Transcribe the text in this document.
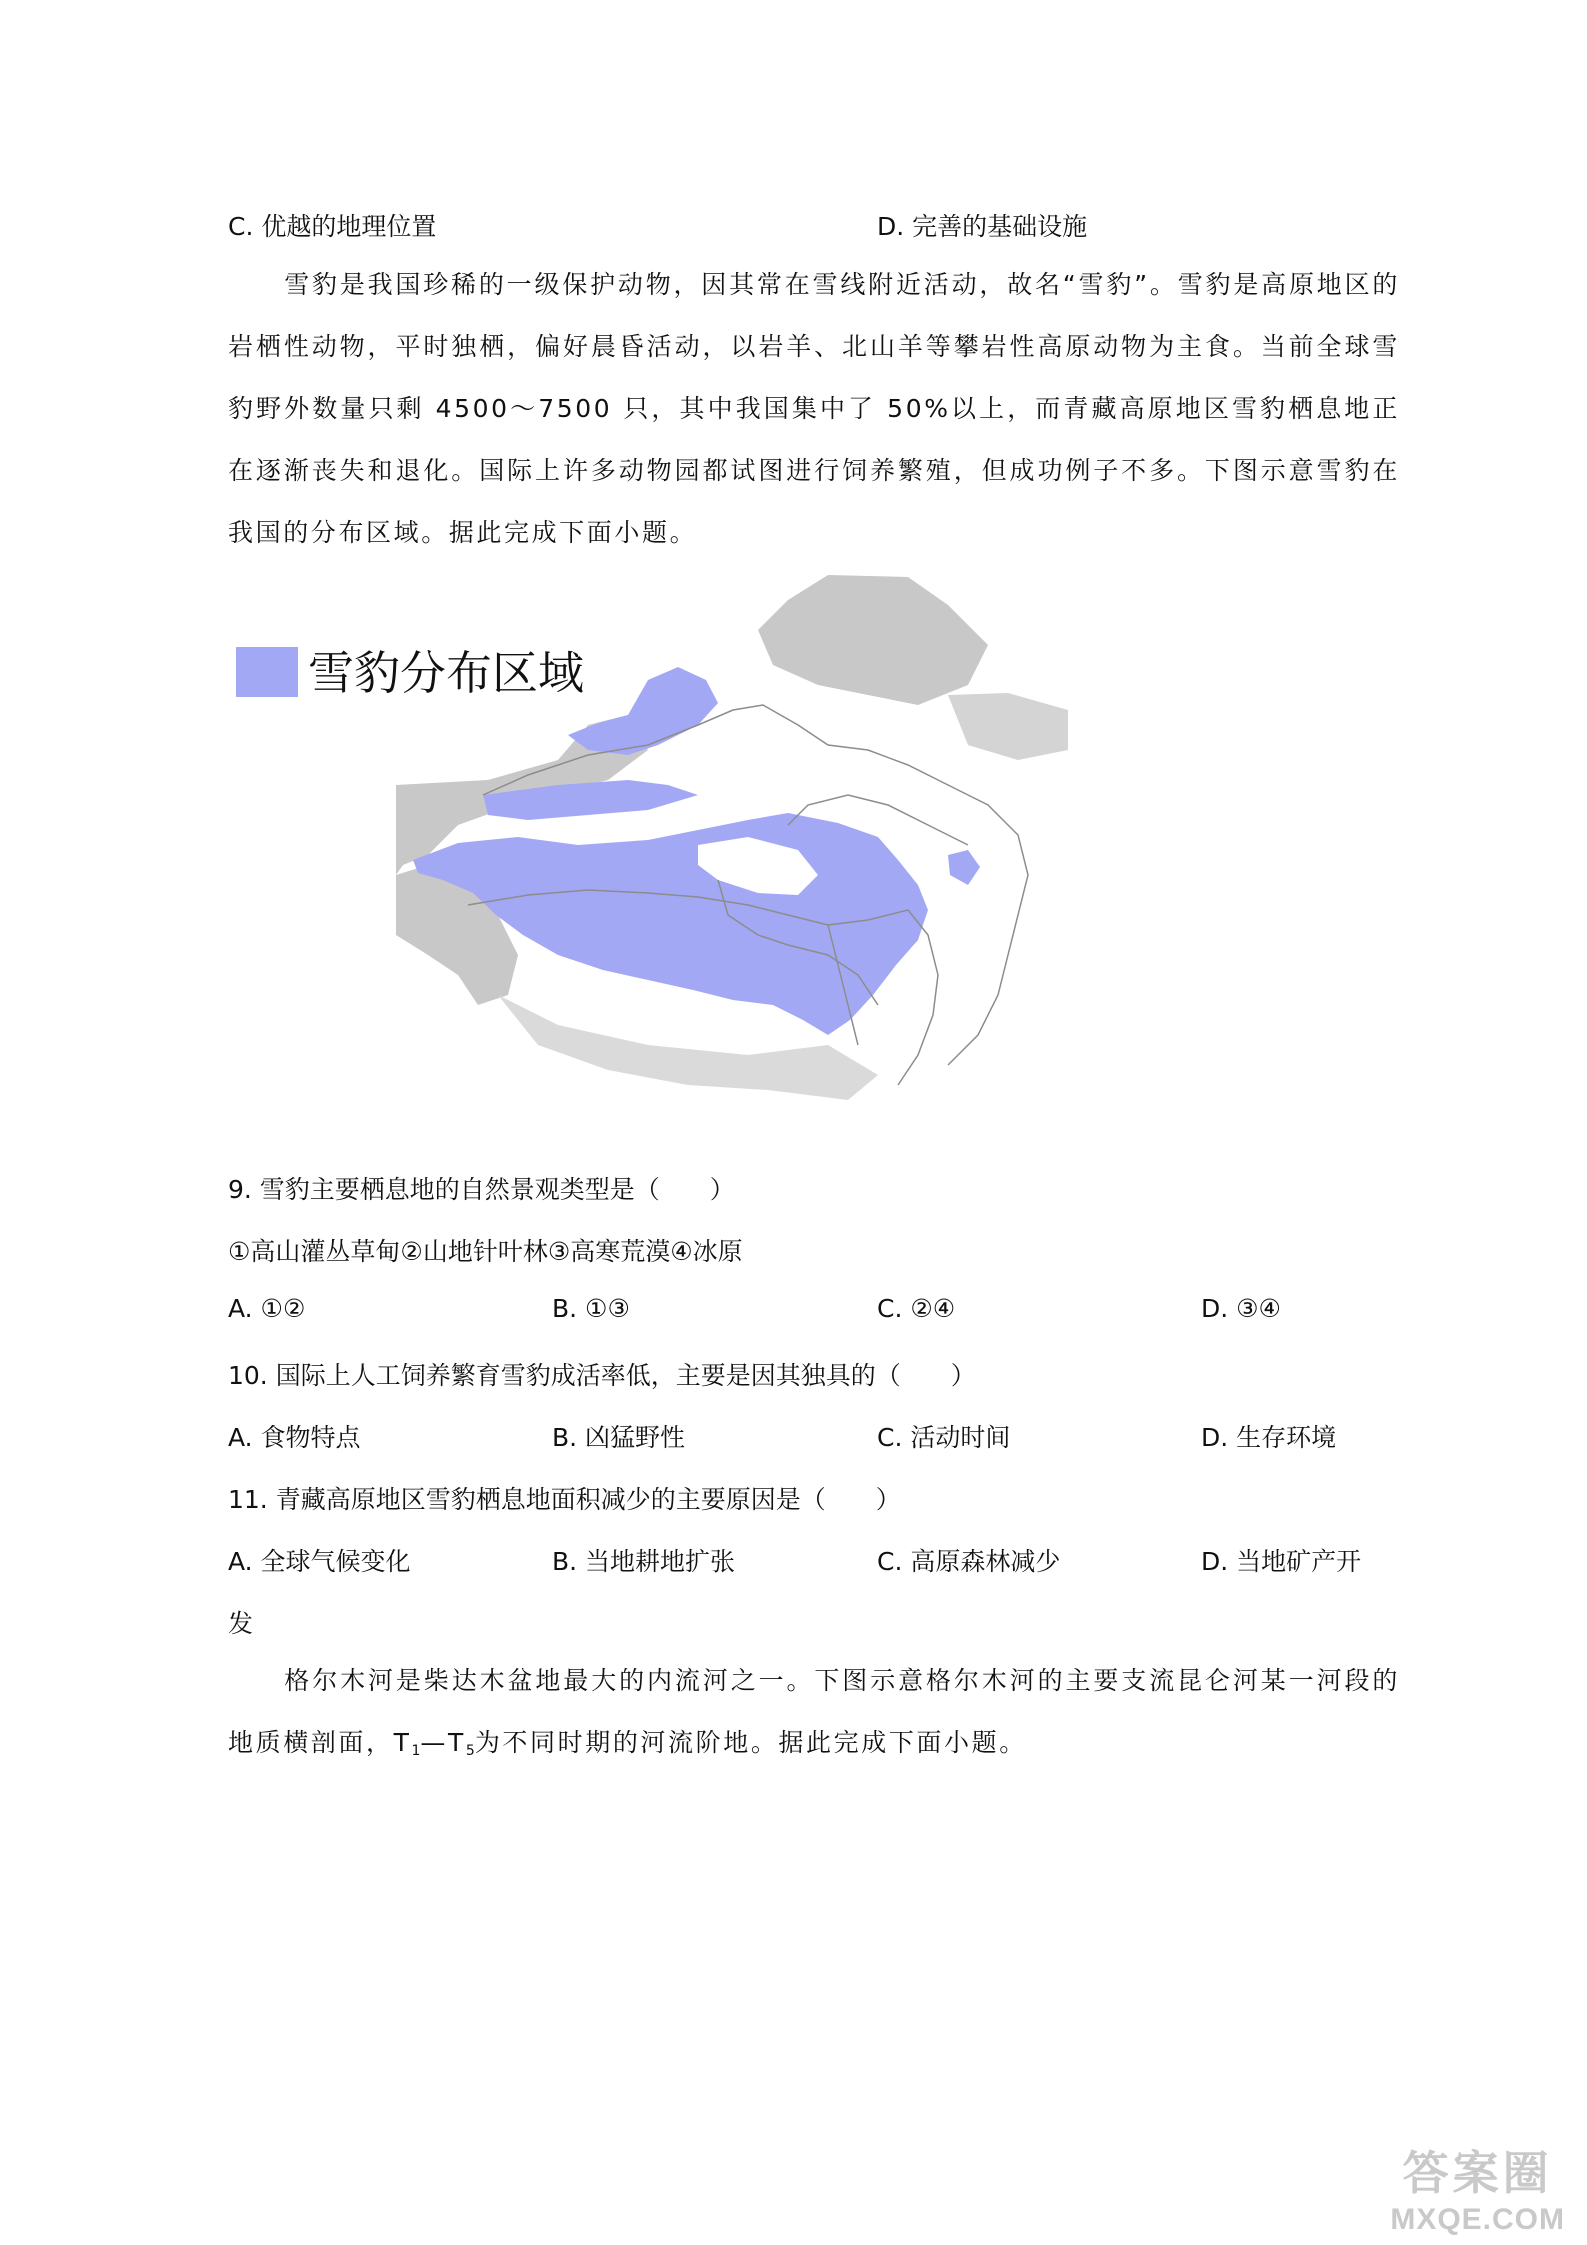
C. 优越的地理位置	D. 完善的基础设施
雪豹是我国珍稀的一级保护动物，因其常在雪线附近活动，故名“雪豹”。雪豹是高原地区的岩栖性动物，平时独栖，偏好晨昏活动，以岩羊、北山羊等攀岩性高原动物为主食。当前全球雪豹野外数量只剩 4500～7500 只，其中我国集中了 50%以上，而青藏高原地区雪豹栖息地正在逐渐丧失和退化。国际上许多动物园都试图进行饲养繁殖，但成功例子不多。下图示意雪豹在我国的分布区域。据此完成下面小题。
雪豹分布区域
9. 雪豹主要栖息地的自然景观类型是（　　）
①高山灌丛草甸②山地针叶林③高寒荒漠④冰原
A. ①②	B. ①③	C. ②④	D. ③④
10. 国际上人工饲养繁育雪豹成活率低，主要是因其独具的（　　）
A. 食物特点	B. 凶猛野性	C. 活动时间	D. 生存环境
11. 青藏高原地区雪豹栖息地面积减少的主要原因是（　　）
A. 全球气候变化	B. 当地耕地扩张	C. 高原森林减少	D. 当地矿产开
发
格尔木河是柴达木盆地最大的内流河之一。下图示意格尔木河的主要支流昆仑河某一河段的地质横剖面，$T_1—T_5$为不同时期的河流阶地。据此完成下面小题。
答案圈
MXQE.COM
